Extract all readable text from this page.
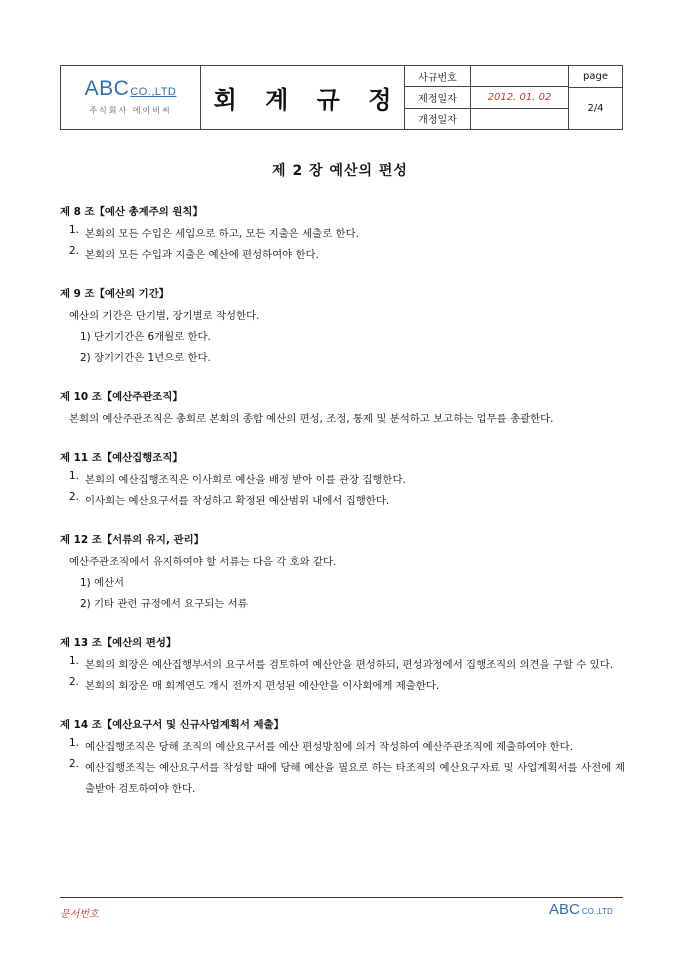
ABCCO.,LTD
주식회사 에이비씨 회 계 규 정
사규번호
제정일자
개정일자
2012. 01. 02
page
2/4
제 2 장 예산의 편성
제 8 조【예산 총계주의 원칙】
1. 본회의 모든 수입은 세입으로 하고, 모든 지출은 세출로 한다.
2. 본회의 모든 수입과 지출은 예산에 편성하여야 한다.
제 9 조【예산의 기간】
예산의 기간은 단기별, 장기별로 작성한다.
1) 단기기간은 6개월로 한다.
2) 장기기간은 1년으로 한다.
제 10 조【예산주관조직】
본회의 예산주관조직은 총회로 본회의 종합 예산의 편성, 조정, 통제 및 분석하고 보고하는 업무를 총괄한다.
제 11 조【예산집행조직】
1. 본회의 예산집행조직은 이사회로 예산을 배정 받아 이를 관장 집행한다.
2. 이사회는 예산요구서를 작성하고 확정된 예산범위 내에서 집행한다.
제 12 조【서류의 유지, 관리】
예산주관조직에서 유지하여야 할 서류는 다음 각 호와 같다.
1) 예산서
2) 기타 관련 규정에서 요구되는 서류
제 13 조【예산의 편성】
1. 본회의 회장은 예산집행부서의 요구서를 검토하여 예산안을 편성하되, 편성과정에서 집행조직의 의견을 구할 수 있다.
2. 본회의 회장은 매 회계연도 개시 전까지 편성된 예산안을 이사회에게 제출한다.
제 14 조【예산요구서 및 신규사업계획서 제출】
1. 예산집행조직은 당해 조직의 예산요구서를 예산 편성방침에 의거 작성하여 예산주관조직에 제출하여야 한다.
2. 예산집행조직는 예산요구서를 작성할 때에 당해 예산을 필요로 하는 타조직의 예산요구자료 및 사업계획서를 사전에 제출받아 검토하여야 한다.
문서번호	ABC CO.,LTD
